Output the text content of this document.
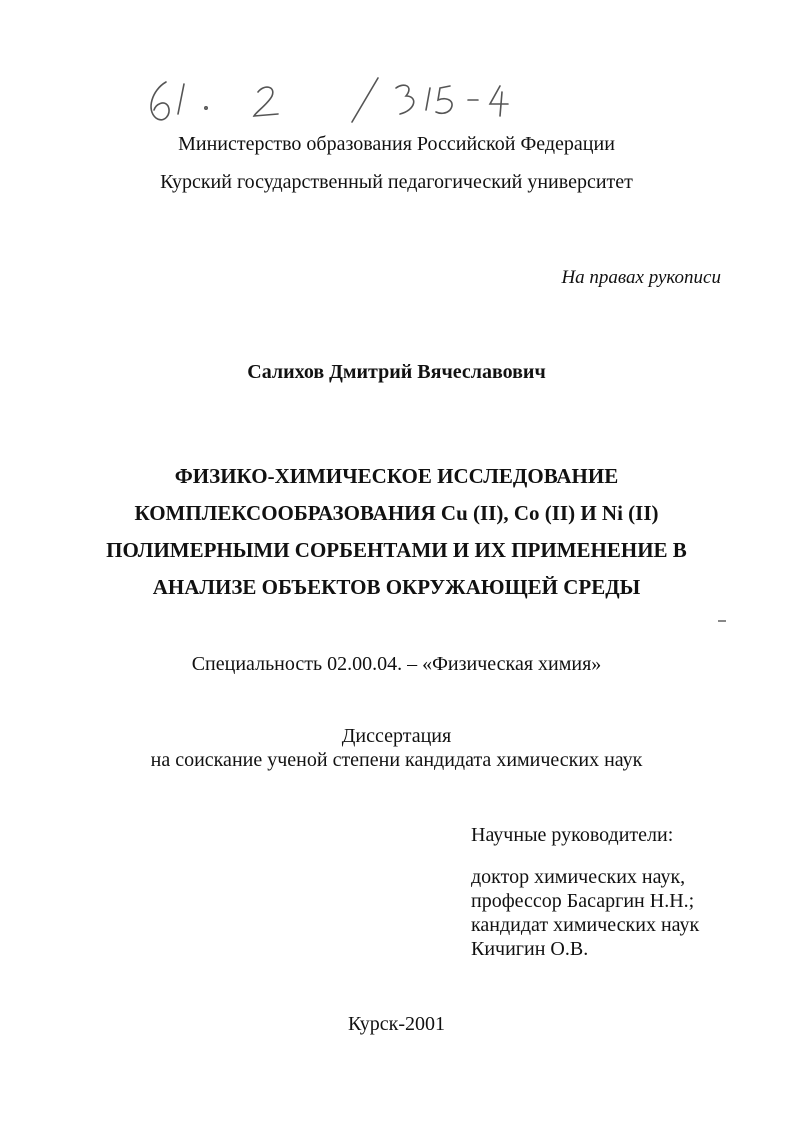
Министерство образования Российской Федерации
Курский государственный педагогический университет
На правах рукописи
Салихов Дмитрий Вячеславович
ФИЗИКО-ХИМИЧЕСКОЕ ИССЛЕДОВАНИЕ
КОМПЛЕКСООБРАЗОВАНИЯ Cu (II), Co (II) И Ni (II)
ПОЛИМЕРНЫМИ СОРБЕНТАМИ И ИХ ПРИМЕНЕНИЕ В
АНАЛИЗЕ ОБЪЕКТОВ ОКРУЖАЮЩЕЙ СРЕДЫ
Специальность 02.00.04. – «Физическая химия»
Диссертация
на соискание ученой степени кандидата химических наук
Научные руководители:
доктор химических наук,
профессор Басаргин Н.Н.;
кандидат химических наук
Кичигин О.В.
Курск-2001
